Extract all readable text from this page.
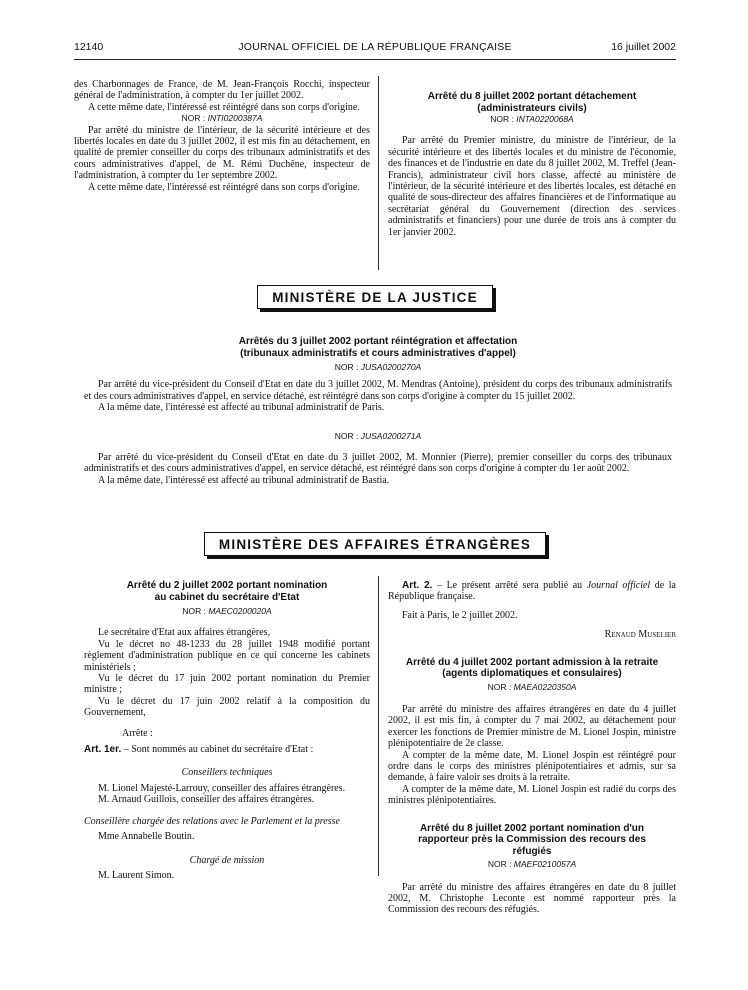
12140	JOURNAL OFFICIEL DE LA RÉPUBLIQUE FRANÇAISE	16 juillet 2002

des Charbonnages de France, de M. Jean-François Rocchi, inspecteur général de l'administration, à compter du 1er juillet 2002.

A cette même date, l'intéressé est réintégré dans son corps d'origine.

NOR : INTI0200387A

Par arrêté du ministre de l'intérieur, de la sécurité intérieure et des libertés locales en date du 3 juillet 2002, il est mis fin au détachement, en qualité de premier conseiller du corps des tribunaux administratifs et des cours administratives d'appel, de M. Rémi Duchêne, inspecteur de l'administration, à compter du 1er septembre 2002.

A cette même date, l'intéressé est réintégré dans son corps d'origine.

Arrêté du 8 juillet 2002 portant détachement
(administrateurs civils)

NOR : INTA0220068A

Par arrêté du Premier ministre, du ministre de l'intérieur, de la sécurité intérieure et des libertés locales et du ministre de l'économie, des finances et de l'industrie en date du 8 juillet 2002, M. Treffel (Jean-Francis), administrateur civil hors classe, affecté au ministère de l'intérieur, de la sécurité intérieure et des libertés locales, est détaché en qualité de sous-directeur des affaires financières et de l'informatique au secrétariat général du Gouvernement (direction des services administratifs et financiers) pour une durée de trois ans à compter du 1er janvier 2002.

MINISTÈRE DE LA JUSTICE

Arrêtés du 3 juillet 2002 portant réintégration et affectation
(tribunaux administratifs et cours administratives d'appel)

NOR : JUSA0200270A

Par arrêté du vice-président du Conseil d'Etat en date du 3 juillet 2002, M. Mendras (Antoine), président du corps des tribunaux administratifs et des cours administratives d'appel, en service détaché, est réintégré dans son corps d'origine à compter du 15 juillet 2002.

A la même date, l'intéressé est affecté au tribunal administratif de Paris.

NOR : JUSA0200271A

Par arrêté du vice-président du Conseil d'Etat en date du 3 juillet 2002, M. Monnier (Pierre), premier conseiller du corps des tribunaux administratifs et des cours administratives d'appel, en service détaché, est réintégré dans son corps d'origine à compter du 1er août 2002.

A la même date, l'intéressé est affecté au tribunal administratif de Bastia.

MINISTÈRE DES AFFAIRES ÉTRANGÈRES

Arrêté du 2 juillet 2002 portant nomination
au cabinet du secrétaire d'Etat

NOR : MAEC0200020A

Le secrétaire d'Etat aux affaires étrangères,

Vu le décret no 48-1233 du 28 juillet 1948 modifié portant règlement d'administration publique en ce qui concerne les cabinets ministériels ;

Vu le décret du 17 juin 2002 portant nomination du Premier ministre ;

Vu le décret du 17 juin 2002 relatif à la composition du Gouvernement,

Arrête :

Art. 1er. – Sont nommés au cabinet du secrétaire d'Etat :

Conseillers techniques

M. Lionel Majesté-Larrouy, conseiller des affaires étrangères.

M. Arnaud Guillois, conseiller des affaires étrangères.

Conseillère chargée des relations avec le Parlement et la presse

Mme Annabelle Boutin.

Chargé de mission

M. Laurent Simon.

Art. 2. – Le présent arrêté sera publié au Journal officiel de la République française.

Fait à Paris, le 2 juillet 2002.

Renaud Muselier

Arrêté du 4 juillet 2002 portant admission à la retraite
(agents diplomatiques et consulaires)

NOR : MAEA0220350A

Par arrêté du ministre des affaires étrangères en date du 4 juillet 2002, il est mis fin, à compter du 7 mai 2002, au détachement pour exercer les fonctions de Premier ministre de M. Lionel Jospin, ministre plénipotentiaire de 2e classe.

A compter de la même date, M. Lionel Jospin est réintégré pour ordre dans le corps des ministres plénipotentiaires et admis, sur sa demande, à faire valoir ses droits à la retraite.

A compter de la même date, M. Lionel Jospin est radié du corps des ministres plénipotentiaires.

Arrêté du 8 juillet 2002 portant nomination d'un
rapporteur près la Commission des recours des
réfugiés

NOR : MAEF0210057A

Par arrêté du ministre des affaires étrangères en date du 8 juillet 2002, M. Christophe Leconte est nommé rapporteur près la Commission des recours des réfugiés.
